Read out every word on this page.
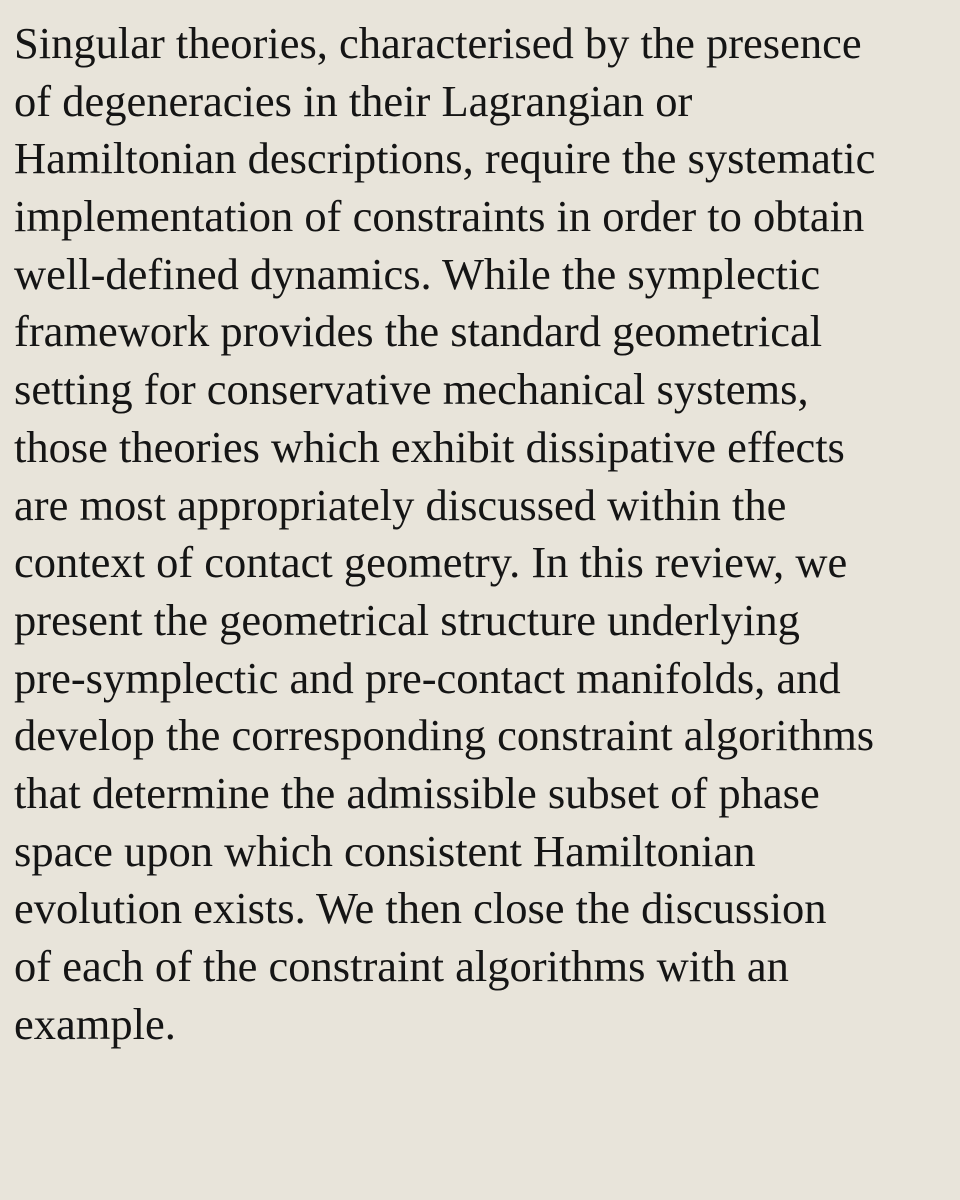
Singular theories, characterised by the presence
of degeneracies in their Lagrangian or
Hamiltonian descriptions, require the systematic
implementation of constraints in order to obtain
well-defined dynamics. While the symplectic
framework provides the standard geometrical
setting for conservative mechanical systems,
those theories which exhibit dissipative effects
are most appropriately discussed within the
context of contact geometry. In this review, we
present the geometrical structure underlying
pre-symplectic and pre-contact manifolds, and
develop the corresponding constraint algorithms
that determine the admissible subset of phase
space upon which consistent Hamiltonian
evolution exists. We then close the discussion
of each of the constraint algorithms with an
example.
